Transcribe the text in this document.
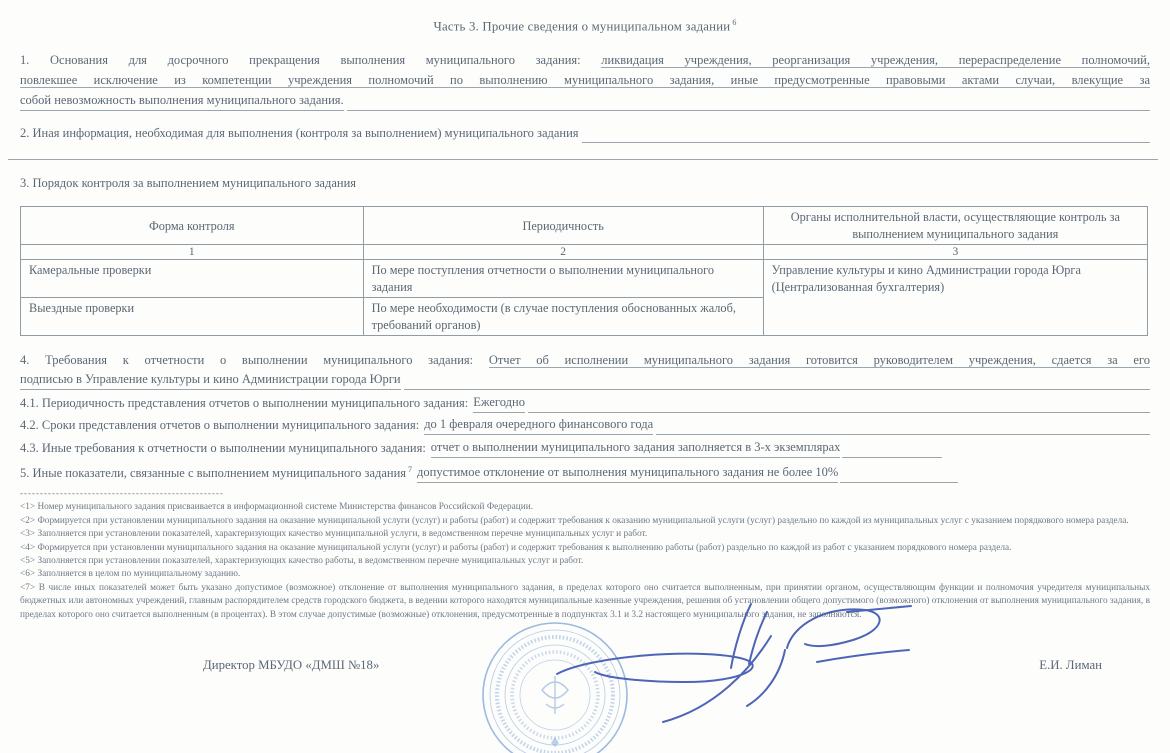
Часть 3. Прочие сведения о муниципальном задании $^6$
1. Основания для досрочного прекращения выполнения муниципального задания: ликвидация учреждения, реорганизация учреждения, перераспределение полномочий,
повлекшее исключение из компетенции учреждения полномочий по выполнению муниципального задания, иные предусмотренные правовыми актами случаи, влекущие за
собой невозможность выполнения муниципального задания.
2. Иная информация, необходимая для выполнения (контроля за выполнением) муниципального задания
3. Порядок контроля за выполнением муниципального задания
Форма контроля	Периодичность	Органы исполнительной власти, осуществляющие контроль за выполнением муниципального задания
1	2	3
Камеральные проверки	По мере поступления отчетности о выполнении муниципального задания	Управление культуры и кино Администрации города Юрга (Централизованная бухгалтерия)
Выездные проверки	По мере необходимости (в случае поступления обоснованных жалоб, требований органов)	
4. Требования к отчетности о выполнении муниципального задания: Отчет об исполнении муниципального задания готовится руководителем учреждения, сдается за его
подписью в Управление культуры и кино Администрации города Юрги
4.1. Периодичность представления отчетов о выполнении муниципального задания: Ежегодно
4.2. Сроки представления отчетов о выполнении муниципального задания: до 1 февраля очередного финансового года
4.3. Иные требования к отчетности о выполнении муниципального задания: отчет о выполнении муниципального задания заполняется в 3-х экземплярах
5. Иные показатели, связанные с выполнением муниципального задания $^7$ допустимое отклонение от выполнения муниципального задания не более 10%
---------------------------------------------------

<1> Номер муниципального задания присваивается в информационной системе Министерства финансов Российской Федерации.

<2> Формируется при установлении муниципального задания на оказание муниципальной услуги (услуг) и работы (работ) и содержит требования к оказанию муниципальной услуги (услуг) раздельно по каждой из муниципальных услуг с указанием порядкового номера раздела.

<3> Заполняется при установлении показателей, характеризующих качество муниципальной услуги, в ведомственном перечне муниципальных услуг и работ.

<4> Формируется при установлении муниципального задания на оказание муниципальной услуги (услуг) и работы (работ) и содержит требования к выполнению работы (работ) раздельно по каждой из работ с указанием порядкового номера раздела.

<5> Заполняется при установлении показателей, характеризующих качество работы, в ведомственном перечне муниципальных услуг и работ.

<6> Заполняется в целом по муниципальному заданию.

<7> В числе иных показателей может быть указано допустимое (возможное) отклонение от выполнения муниципального задания, в пределах которого оно считается выполненным, при принятии органом, осуществляющим функции и полномочия учредителя муниципальных бюджетных или автономных учреждений, главным распорядителем средств городского бюджета, в ведении которого находятся муниципальные казенные учреждения, решения об установлении общего допустимого (возможного) отклонения от выполнения муниципального задания, в пределах которого оно считается выполненным (в процентах). В этом случае допустимые (возможные) отклонения, предусмотренные в подпунктах 3.1 и 3.2 настоящего муниципального задания, не заполняются.

Директор МБУДО «ДМШ №18»	Е.И. Лиман
